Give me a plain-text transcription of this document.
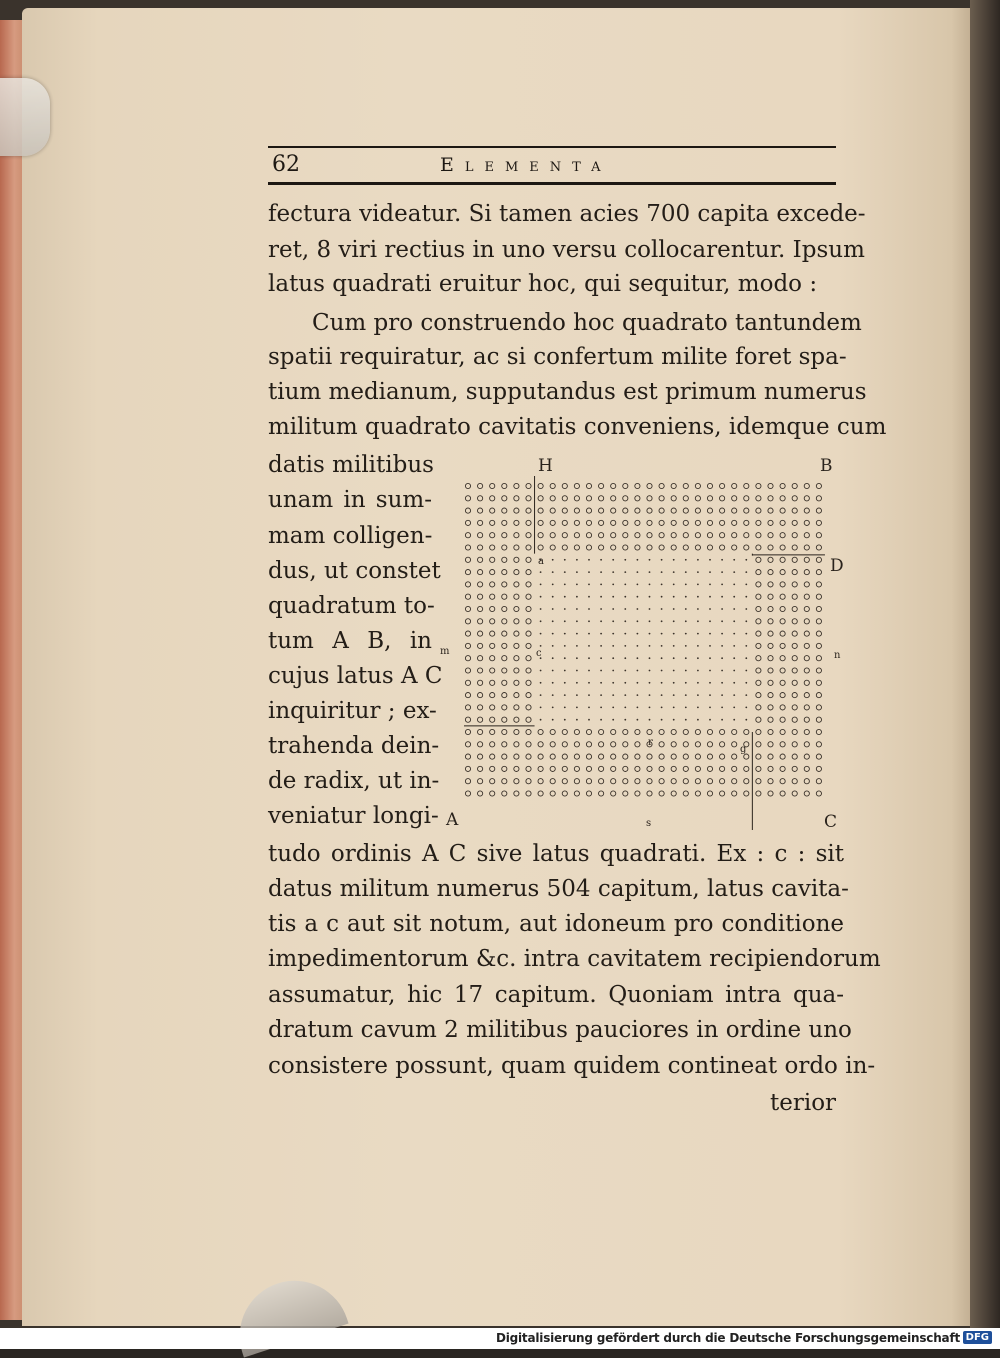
62	Elementa
fectura videatur. Si tamen acies 700 capita excede-
ret, 8 viri rectius in uno versu collocarentur. Ipsum
latus quadrati eruitur hoc, qui sequitur, modo :
Cum pro construendo hoc quadrato tantundem
spatii requiratur, ac si confertum milite foret spa-
tium medianum, supputandus est primum numerus
militum quadrato cavitatis conveniens, idemque cum
datis militibus
unam in sum-
mam colligen-
dus, ut constet
quadratum to-
tum A B, in
cujus latus A C
inquiritur ; ex-
trahenda dein-
de radix, ut in-
veniatur longi-
H	B
D
A	C
m	n
a
c
r
g
s
tudo ordinis A C sive latus quadrati. Ex : c : sit
datus militum numerus 504 capitum, latus cavita-
tis a c aut sit notum, aut idoneum pro conditione
impedimentorum &c. intra cavitatem recipiendorum
assumatur, hic 17 capitum. Quoniam intra qua-
dratum cavum 2 militibus pauciores in ordine uno
consistere possunt, quam quidem contineat ordo in-
terior
Digitalisierung gefördert durch die Deutsche Forschungsgemeinschaft DFG
